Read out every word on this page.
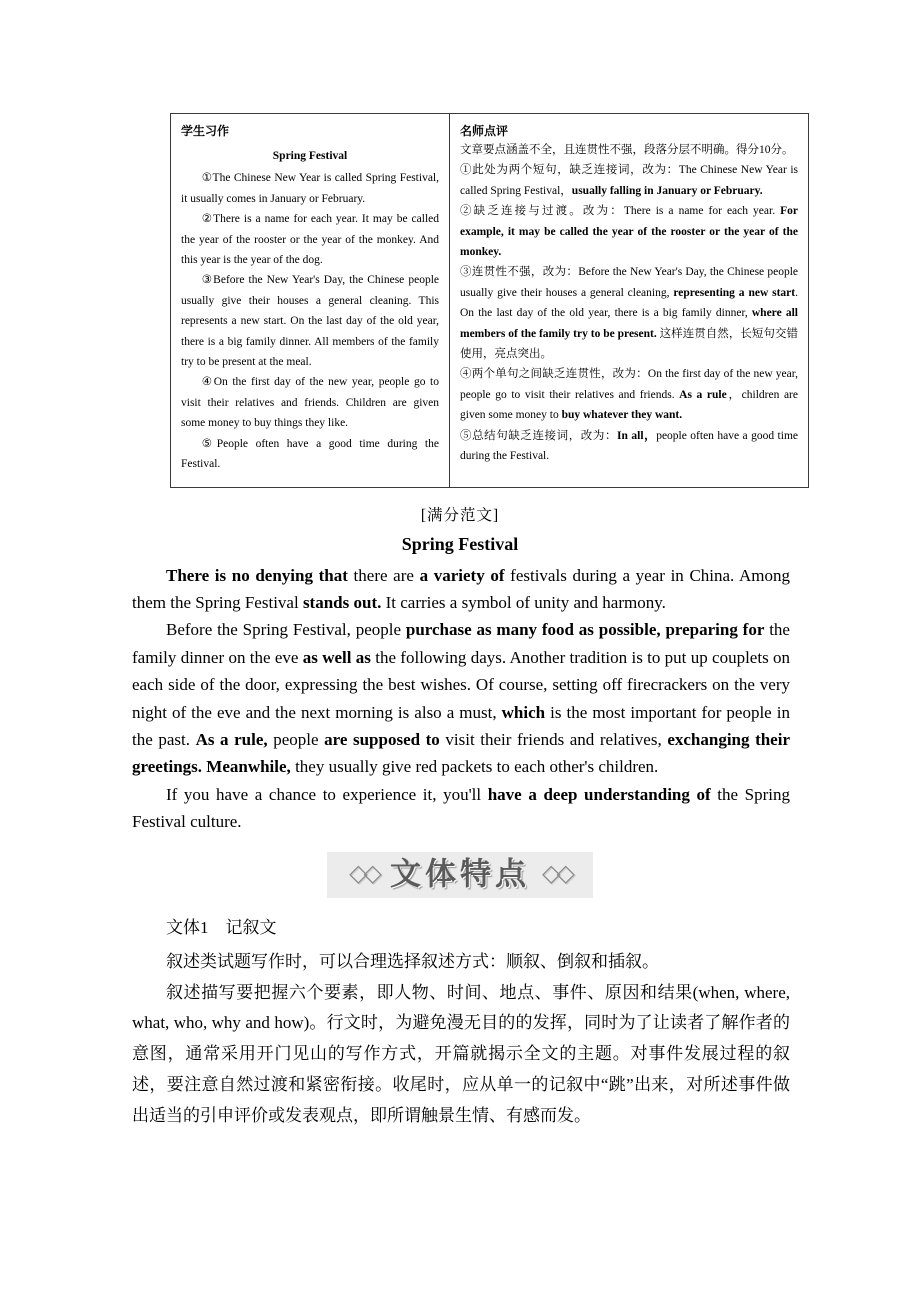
学生习作
Spring Festival

①The Chinese New Year is called Spring Festival, it usually comes in January or February.

②There is a name for each year. It may be called the year of the rooster or the year of the monkey. And this year is the year of the dog.

③Before the New Year's Day, the Chinese people usually give their houses a general cleaning. This represents a new start. On the last day of the old year, there is a big family dinner. All members of the family try to be present at the meal.

④On the first day of the new year, people go to visit their relatives and friends. Children are given some money to buy things they like.

⑤People often have a good time during the Festival.

名师点评

文章要点涵盖不全，且连贯性不强，段落分层不明确。得分10分。

①此处为两个短句，缺乏连接词，改为：The Chinese New Year is called Spring Festival，usually falling in January or February.

②缺乏连接与过渡。改为：There is a name for each year. For example, it may be called the year of the rooster or the year of the monkey.

③连贯性不强，改为：Before the New Year's Day, the Chinese people usually give their houses a general cleaning, representing a new start. On the last day of the old year, there is a big family dinner, where all members of the family try to be present. 这样连贯自然，长短句交错使用，亮点突出。

④两个单句之间缺乏连贯性，改为：On the first day of the new year, people go to visit their relatives and friends. As a rule，children are given some money to buy whatever they want.

⑤总结句缺乏连接词，改为：In all，people often have a good time during the Festival.

[满分范文]
Spring Festival

There is no denying that there are a variety of festivals during a year in China. Among them the Spring Festival stands out. It carries a symbol of unity and harmony.

Before the Spring Festival, people purchase as many food as possible, preparing for the family dinner on the eve as well as the following days. Another tradition is to put up couplets on each side of the door, expressing the best wishes. Of course, setting off firecrackers on the very night of the eve and the next morning is also a must, which is the most important for people in the past. As a rule, people are supposed to visit their friends and relatives, exchanging their greetings. Meanwhile, they usually give red packets to each other's children.

If you have a chance to experience it, you'll have a deep understanding of the Spring Festival culture.

◇◇ 文体特点 ◇◇
文体1　记叙文

叙述类试题写作时，可以合理选择叙述方式：顺叙、倒叙和插叙。

叙述描写要把握六个要素，即人物、时间、地点、事件、原因和结果(when, where, what, who, why and how)。行文时，为避免漫无目的的发挥，同时为了让读者了解作者的意图，通常采用开门见山的写作方式，开篇就揭示全文的主题。对事件发展过程的叙述，要注意自然过渡和紧密衔接。收尾时，应从单一的记叙中“跳”出来，对所述事件做出适当的引申评价或发表观点，即所谓触景生情、有感而发。
